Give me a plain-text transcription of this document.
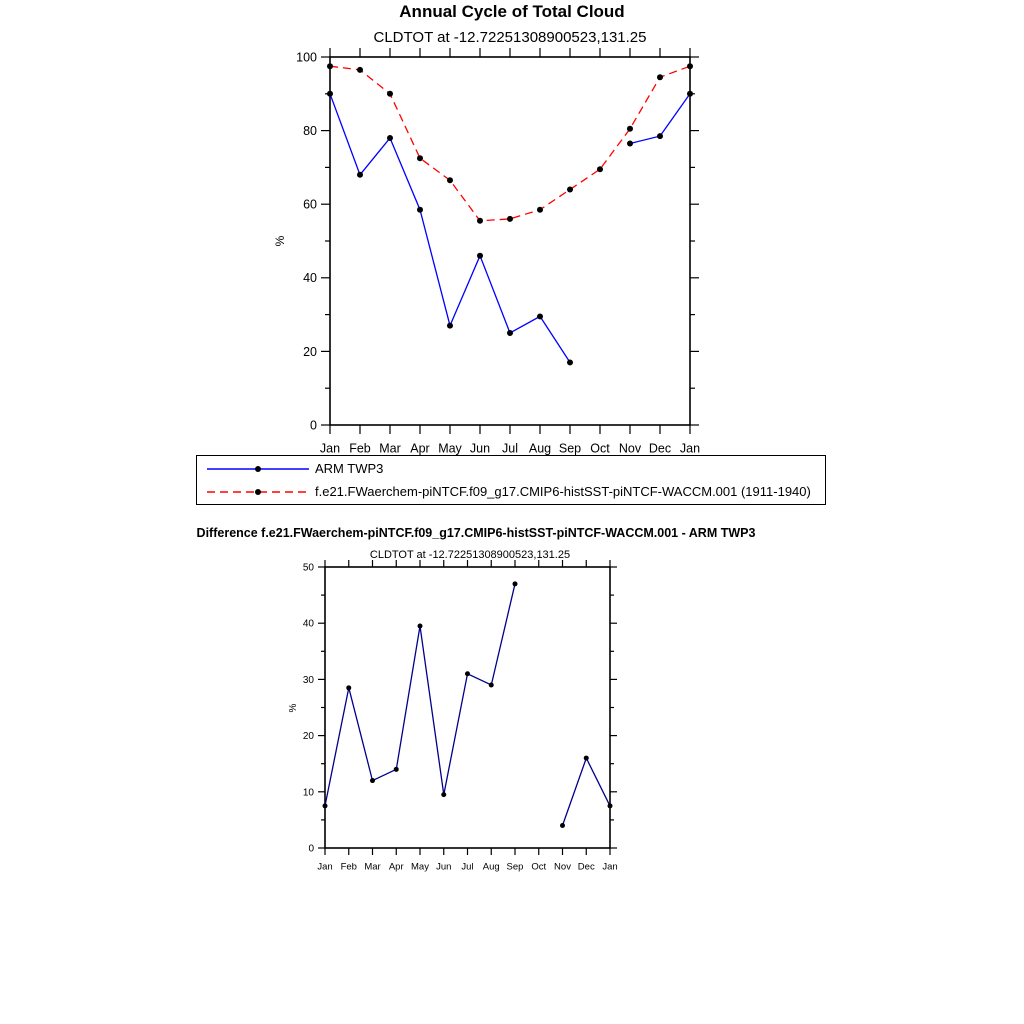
Annual Cycle of Total Cloud
CLDTOT at -12.72251308900523,131.25
Difference f.e21.FWaerchem-piNTCF.f09_g17.CMIP6-histSST-piNTCF-WACCM.001 - ARM TWP3
CLDTOT at -12.72251308900523,131.25
0
20
40
60
80
100
Jan Feb Mar Apr May Jun Jul Aug Sep Oct Nov Dec Jan
%
0
10
20
30
40
50
Jan Feb Mar Apr May Jun Jul Aug Sep Oct Nov Dec Jan
%
ARM TWP3
f.e21.FWaerchem-piNTCF.f09_g17.CMIP6-histSST-piNTCF-WACCM.001 (1911-1940)
